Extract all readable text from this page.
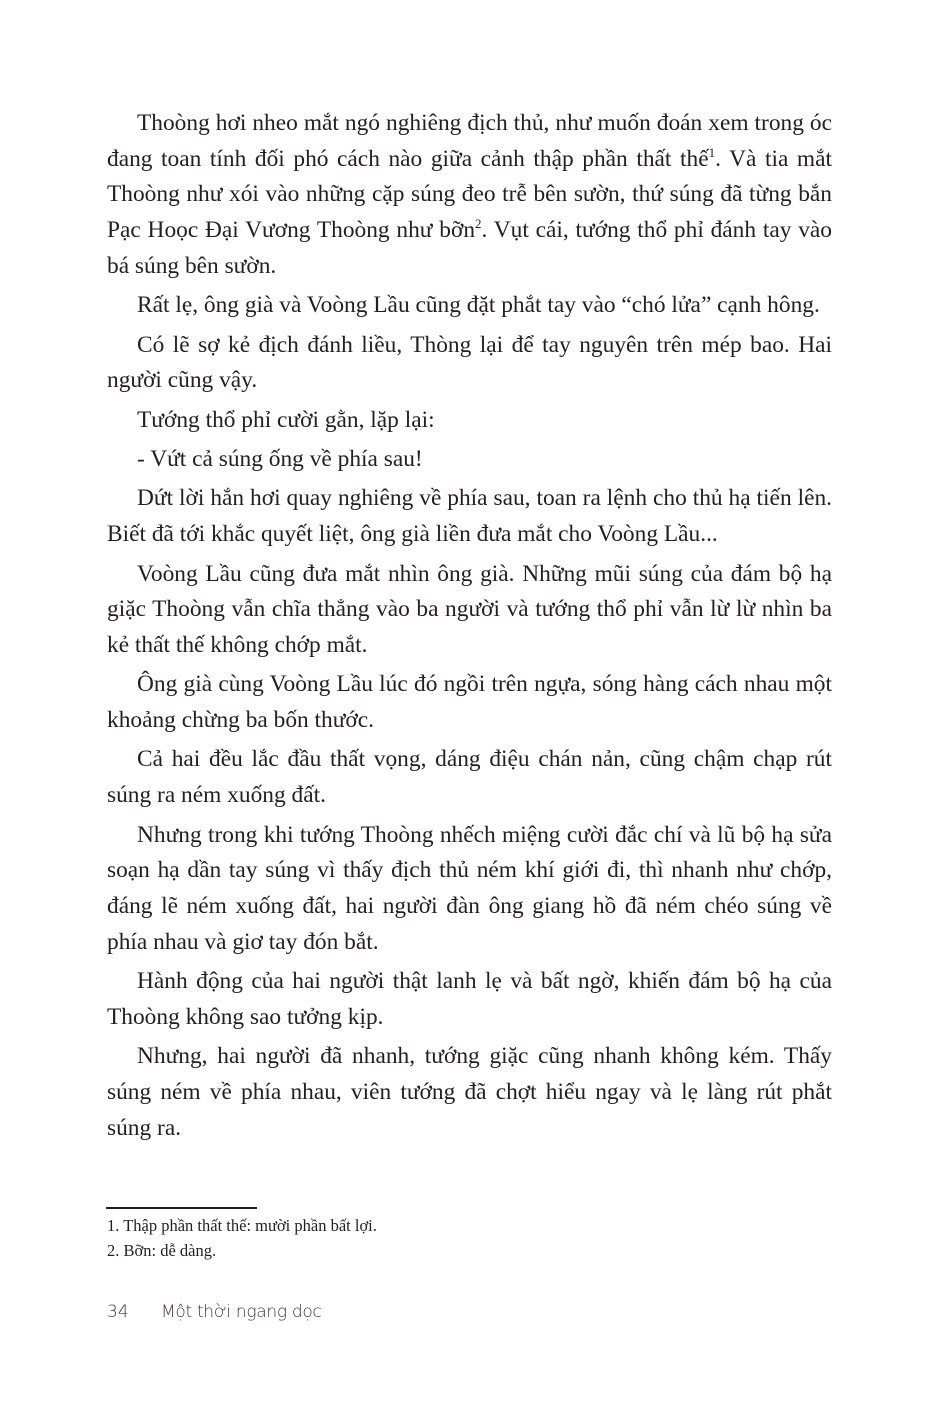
Thoòng hơi nheo mắt ngó nghiêng địch thủ, như muốn đoán xem trong óc đang toan tính đối phó cách nào giữa cảnh thập phần thất thế$^1$. Và tia mắt Thoòng như xói vào những cặp súng đeo trễ bên sườn, thứ súng đã từng bắn Pạc Hoọc Đại Vương Thoòng như bỡn$^2$. Vụt cái, tướng thổ phỉ đánh tay vào bá súng bên sườn.

Rất lẹ, ông già và Voòng Lầu cũng đặt phắt tay vào “chó lửa” cạnh hông.

Có lẽ sợ kẻ địch đánh liều, Thòng lại để tay nguyên trên mép bao. Hai người cũng vậy.

Tướng thổ phỉ cười gằn, lặp lại:

- Vứt cả súng ống về phía sau!

Dứt lời hắn hơi quay nghiêng về phía sau, toan ra lệnh cho thủ hạ tiến lên. Biết đã tới khắc quyết liệt, ông già liền đưa mắt cho Voòng Lầu...

Voòng Lầu cũng đưa mắt nhìn ông già. Những mũi súng của đám bộ hạ giặc Thoòng vẫn chĩa thẳng vào ba người và tướng thổ phỉ vẫn lừ lừ nhìn ba kẻ thất thế không chớp mắt.

Ông già cùng Voòng Lầu lúc đó ngồi trên ngựa, sóng hàng cách nhau một khoảng chừng ba bốn thước.

Cả hai đều lắc đầu thất vọng, dáng điệu chán nản, cũng chậm chạp rút súng ra ném xuống đất.

Nhưng trong khi tướng Thoòng nhếch miệng cười đắc chí và lũ bộ hạ sửa soạn hạ dần tay súng vì thấy địch thủ ném khí giới đi, thì nhanh như chớp, đáng lẽ ném xuống đất, hai người đàn ông giang hồ đã ném chéo súng về phía nhau và giơ tay đón bắt.

Hành động của hai người thật lanh lẹ và bất ngờ, khiến đám bộ hạ của Thoòng không sao tưởng kịp.

Nhưng, hai người đã nhanh, tướng giặc cũng nhanh không kém. Thấy súng ném về phía nhau, viên tướng đã chợt hiểu ngay và lẹ làng rút phắt súng ra.

1. Thập phần thất thế: mười phần bất lợi.

2. Bỡn: dễ dàng.

34	Một thời ngang dọc
